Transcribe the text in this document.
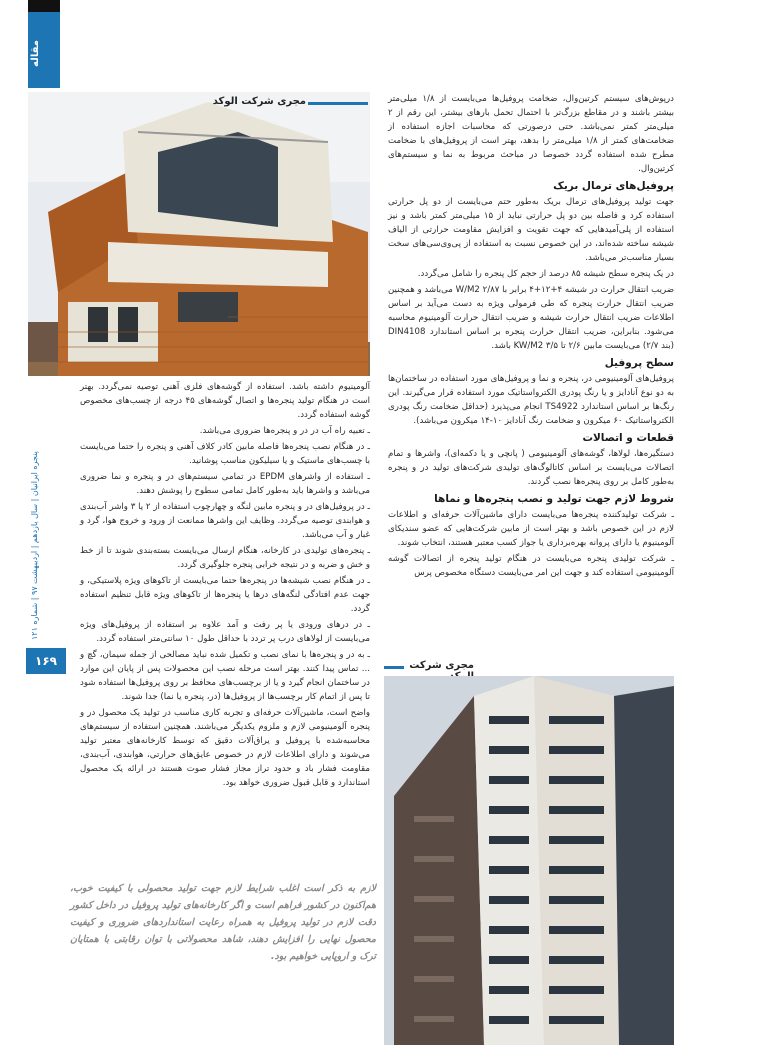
مقاله
پنجره ایرانیان | سال یازدهم | اردیبهشت ۹۷ | شماره ۱۲۱
۱۶۹
مجری شرکت الوکد	درپوش‌های سیستم کرتین‌وال، ضخامت پروفیل‌ها می‌بایست از ۱/۸ میلی‌متر بیشتر باشند و در مقاطع بزرگ‌تر با احتمال تحمل بارهای بیشتر، این رقم از ۲ میلی‌متر کمتر نمی‌باشد. حتی درصورتی که محاسبات اجازه استفاده از ضخامت‌های کمتر از ۱/۸ میلی‌متر را بدهد، بهتر است از پروفیل‌های با ضخامت مطرح شده استفاده گردد خصوصا در مباحث مربوط به نما و سیستم‌های کرتین‌وال.

پروفیل‌های ترمال بریک

جهت تولید پروفیل‌های ترمال بریک به‌طور حتم می‌بایست از دو پل حرارتی استفاده کرد و فاصله بین دو پل حرارتی نباید از ۱۵ میلی‌متر کمتر باشد و نیز استفاده از پلی‌آمیدهایی که جهت تقویت و افزایش مقاومت حرارتی از الیاف شیشه ساخته شده‌اند، در این خصوص نسبت به استفاده از پی‌وی‌سی‌های سخت بسیار مناسب‌تر می‌باشد.

در یک پنجره سطح شیشه ۸۵ درصد از حجم کل پنجره را شامل می‌گردد.

ضریب انتقال حرارت در شیشه ۴+۱۲+۴ برابر با ۲/۸۷ W/M2 می‌باشد و همچنین ضریب انتقال حرارت پنجره که طی فرمولی ویژه به دست می‌آید بر اساس اطلاعات ضریب انتقال حرارت شیشه و ضریب انتقال حرارت آلومینیوم محاسبه می‌شود. بنابراین، ضریب انتقال حرارت پنجره بر اساس استاندارد DIN4108 (بند ۲/۷) می‌بایست مابین ۲/۶ تا ۳/۵ KW/M2 باشد.

سطح پروفیل

پروفیل‌های آلومینیومی در، پنجره و نما و پروفیل‌های مورد استفاده در ساختمان‌ها به دو نوع آنادایز و یا رنگ پودری الکترواستاتیک مورد استفاده قرار می‌گیرند. این رنگ‌ها بر اساس استاندارد TS4922 انجام می‌پذیرد (حداقل ضخامت رنگ پودری الکترواستاتیک ۶۰ میکرون و ضخامت رنگ آنادایز ۱۰-۱۴ میکرون می‌باشد).

قطعات و اتصالات

دستگیره‌ها، لولاها، گوشه‌های آلومینیومی ( پانچی و یا دکمه‌ای)، واشرها و تمام اتصالات می‌بایست بر اساس کاتالوگ‌های تولیدی شرکت‌های تولید در و پنجره به‌طور کامل بر روی پنجره‌ها نصب گردند.

شروط لازم جهت تولید و نصب پنجره‌ها و نماها

ـ شرکت تولیدکننده پنجره‌ها می‌بایست دارای ماشین‌آلات حرفه‌ای و اطلاعات لازم در این خصوص باشد و بهتر است از مابین شرکت‌هایی که عضو سندیکای آلومینیوم یا دارای پروانه بهره‌برداری یا جواز کسب معتبر هستند، انتخاب شوند.

ـ شرکت تولیدی پنجره می‌بایست در هنگام تولید پنجره از اتصالات گوشه آلومینیومی استفاده کند و جهت این امر می‌بایست دستگاه مخصوص پرس

مجری شرکت

آلومینیوم داشته باشد. استفاده از گوشه‌های فلزی آهنی توصیه نمی‌گردد. بهتر است در هنگام تولید پنجره‌ها و اتصال گوشه‌های ۴۵ درجه از چسب‌های مخصوص گوشه استفاده گردد.

ـ تعبیه راه آب در در و پنجره‌ها ضروری می‌باشد.

ـ در هنگام نصب پنجره‌ها فاصله مابین کادر کلاف آهنی و پنجره را حتما می‌بایست با چسب‌های ماستیک و یا سیلیکون مناسب پوشانید.

ـ استفاده از واشرهای EPDM در تمامی سیستم‌های در و پنجره و نما ضروری می‌باشد و واشرها باید به‌طور کامل تمامی سطوح را پوشش دهند.

ـ در پروفیل‌های در و پنجره مابین لنگه و چهارچوب استفاده از ۲ یا ۳ واشر آب‌بندی و هوابندی توصیه می‌گردد. وظایف این واشرها ممانعت از ورود و خروج هوا، گرد و غبار و آب می‌باشد.

ـ پنجره‌های تولیدی در کارخانه، هنگام ارسال می‌بایست بسته‌بندی شوند تا از خط و خش و ضربه و در نتیجه خرابی پنجره جلوگیری گردد.

ـ در هنگام نصب شیشه‌ها در پنجره‌ها حتما می‌بایست از تاکوهای ویژه پلاستیکی، و جهت عدم افتادگی لنگه‌های درها یا پنجره‌ها از تاکوهای ویژه قابل تنظیم استفاده گردد.

ـ در درهای ورودی یا پر رفت و آمد علاوه بر استفاده از پروفیل‌های ویژه می‌بایست از لولاهای درب پر تردد با حداقل طول ۱۰ سانتی‌متر استفاده گردد.

ـ به در و پنجره‌ها با نمای نصب و تکمیل شده نباید مصالحی از جمله سیمان، گچ و ... تماس پیدا کنند. بهتر است مرحله نصب این محصولات پس از پایان این موارد در ساختمان انجام گیرد و یا از برچسب‌های محافظ بر روی پروفیل‌ها استفاده شود تا پس از اتمام کار برچسب‌ها از پروفیل‌ها (در، پنجره یا نما) جدا شوند.

واضح است، ماشین‌آلات حرفه‌ای و تجربه کاری مناسب در تولید یک محصول در و پنجره آلومینیومی لازم و ملزوم یکدیگر می‌باشند. همچنین استفاده از سیستم‌های محاسبه‌شده با پروفیل و یراق‌آلات دقیق که توسط کارخانه‌های معتبر تولید می‌شوند و دارای اطلاعات لازم در خصوص عایق‌های حرارتی، هوابندی، آب‌بندی، مقاومت فشار باد و حدود تراز مجاز فشار صوت هستند در ارائه یک محصول استاندارد و قابل قبول ضروری خواهد بود.

لازم به ذکر است اغلب شرایط لازم جهت تولید محصولی با کیفیت خوب، هم‌اکنون در کشور فراهم است و اگر کارخانه‌های تولید پروفیل در داخل کشور دقت لازم در تولید پروفیل به همراه رعایت استانداردهای ضروری و کیفیت محصول نهایی را افزایش دهند، شاهد محصولاتی با توان رقابتی با همتایان ترک و اروپایی خواهیم بود.
